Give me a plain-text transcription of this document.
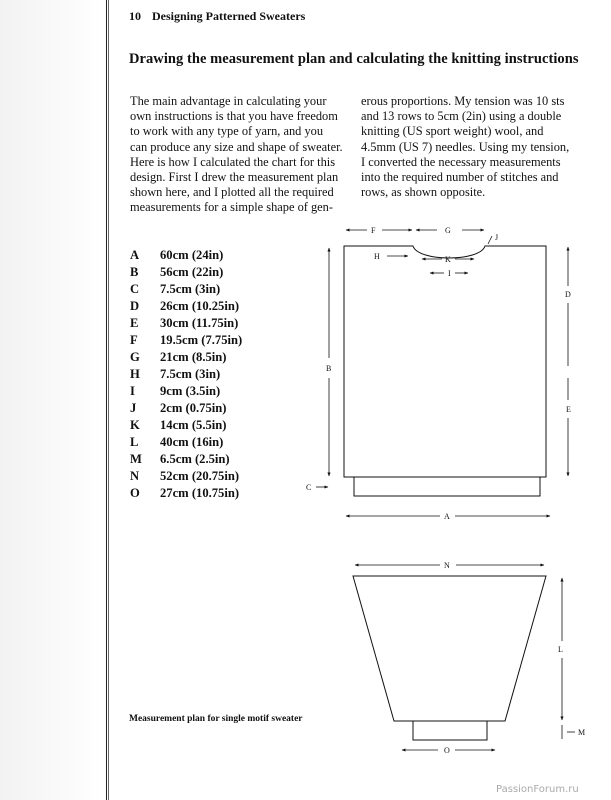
10 Designing Patterned Sweaters
Drawing the measurement plan and calculating the knitting instructions
The main advantage in calculating your
own instructions is that you have freedom
to work with any type of yarn, and you
can produce any size and shape of sweater.
Here is how I calculated the chart for this
design. First I drew the measurement plan
shown here, and I plotted all the required
measurements for a simple shape of gen-
erous proportions. My tension was 10 sts
and 13 rows to 5cm (2in) using a double
knitting (US sport weight) wool, and
4.5mm (US 7) needles. Using my tension,
I converted the necessary measurements
into the required number of stitches and
rows, as shown opposite.
A 60cm (24in)
B 56cm (22in)
C 7.5cm (3in)
D 26cm (10.25in)
E 30cm (11.75in)
F 19.5cm (7.75in)
G 21cm (8.5in)
H 7.5cm (3in)
I 9cm (3.5in)
J 2cm (0.75in)
K 14cm (5.5in)
L 40cm (16in)
M 6.5cm (2.5in)
N 52cm (20.75in)
O 27cm (10.75in)
F	G
J
H	K
I
B
C
D
E
A
N
L
M
O
Measurement plan for single motif sweater
PassionForum.ru
